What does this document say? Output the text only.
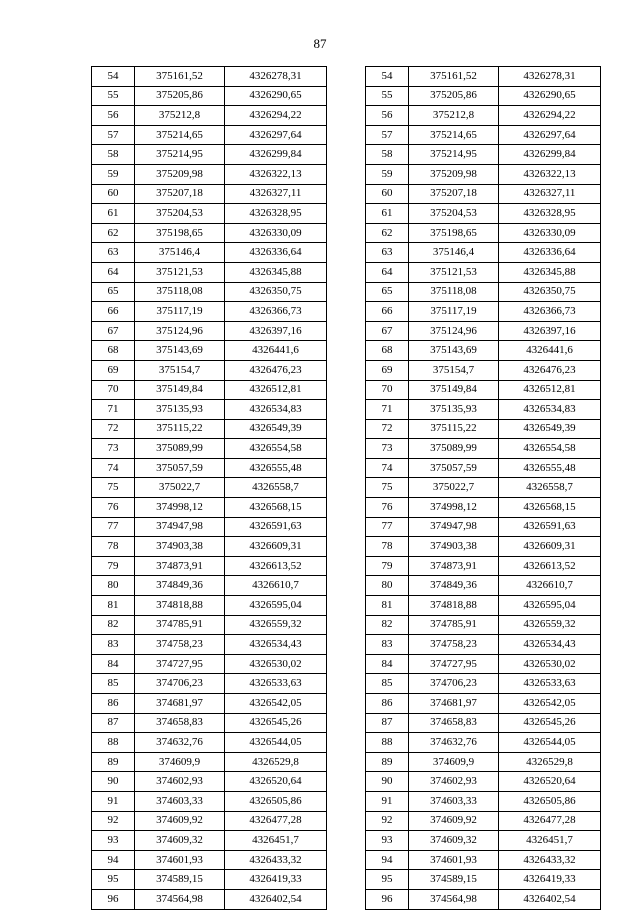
87
54	375161,52	4326278,31
55	375205,86	4326290,65
56	375212,8	4326294,22
57	375214,65	4326297,64
58	375214,95	4326299,84
59	375209,98	4326322,13
60	375207,18	4326327,11
61	375204,53	4326328,95
62	375198,65	4326330,09
63	375146,4	4326336,64
64	375121,53	4326345,88
65	375118,08	4326350,75
66	375117,19	4326366,73
67	375124,96	4326397,16
68	375143,69	4326441,6
69	375154,7	4326476,23
70	375149,84	4326512,81
71	375135,93	4326534,83
72	375115,22	4326549,39
73	375089,99	4326554,58
74	375057,59	4326555,48
75	375022,7	4326558,7
76	374998,12	4326568,15
77	374947,98	4326591,63
78	374903,38	4326609,31
79	374873,91	4326613,52
80	374849,36	4326610,7
81	374818,88	4326595,04
82	374785,91	4326559,32
83	374758,23	4326534,43
84	374727,95	4326530,02
85	374706,23	4326533,63
86	374681,97	4326542,05
87	374658,83	4326545,26
88	374632,76	4326544,05
89	374609,9	4326529,8
90	374602,93	4326520,64
91	374603,33	4326505,86
92	374609,92	4326477,28
93	374609,32	4326451,7
94	374601,93	4326433,32
95	374589,15	4326419,33
96	374564,98	4326402,54
54	375161,52	4326278,31
55	375205,86	4326290,65
56	375212,8	4326294,22
57	375214,65	4326297,64
58	375214,95	4326299,84
59	375209,98	4326322,13
60	375207,18	4326327,11
61	375204,53	4326328,95
62	375198,65	4326330,09
63	375146,4	4326336,64
64	375121,53	4326345,88
65	375118,08	4326350,75
66	375117,19	4326366,73
67	375124,96	4326397,16
68	375143,69	4326441,6
69	375154,7	4326476,23
70	375149,84	4326512,81
71	375135,93	4326534,83
72	375115,22	4326549,39
73	375089,99	4326554,58
74	375057,59	4326555,48
75	375022,7	4326558,7
76	374998,12	4326568,15
77	374947,98	4326591,63
78	374903,38	4326609,31
79	374873,91	4326613,52
80	374849,36	4326610,7
81	374818,88	4326595,04
82	374785,91	4326559,32
83	374758,23	4326534,43
84	374727,95	4326530,02
85	374706,23	4326533,63
86	374681,97	4326542,05
87	374658,83	4326545,26
88	374632,76	4326544,05
89	374609,9	4326529,8
90	374602,93	4326520,64
91	374603,33	4326505,86
92	374609,92	4326477,28
93	374609,32	4326451,7
94	374601,93	4326433,32
95	374589,15	4326419,33
96	374564,98	4326402,54
